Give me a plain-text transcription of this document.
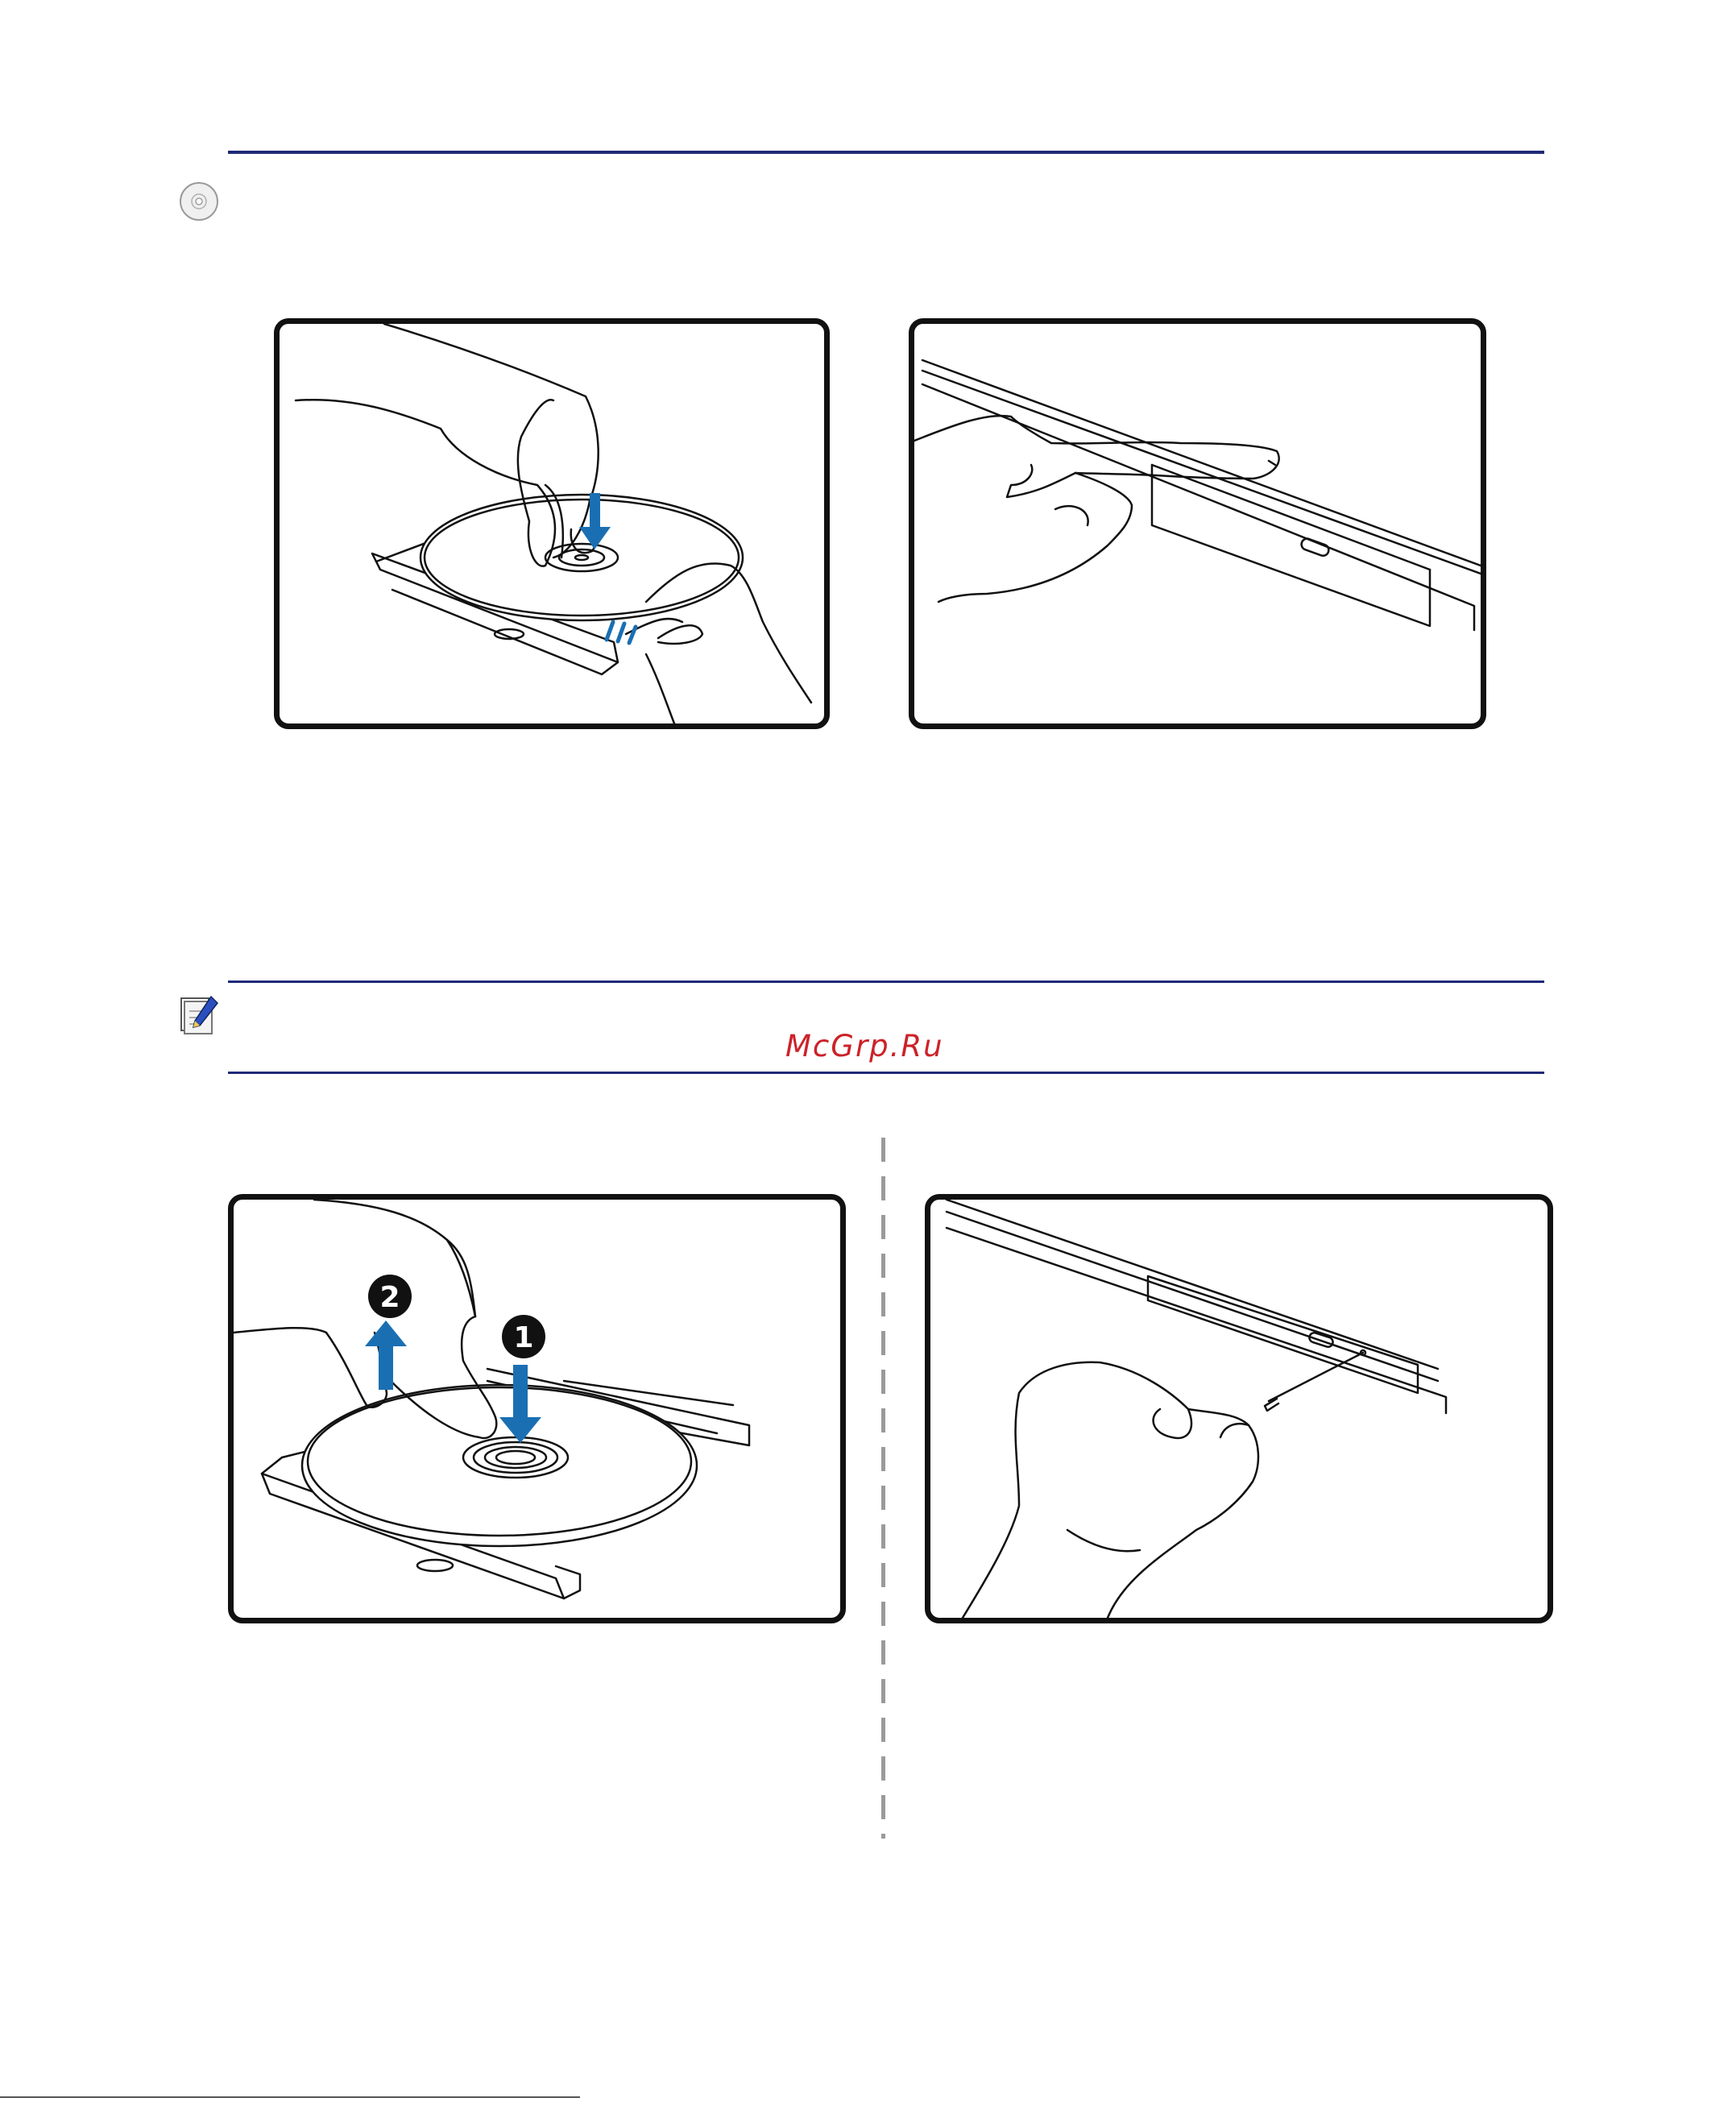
McGrp.Ru
2
1
